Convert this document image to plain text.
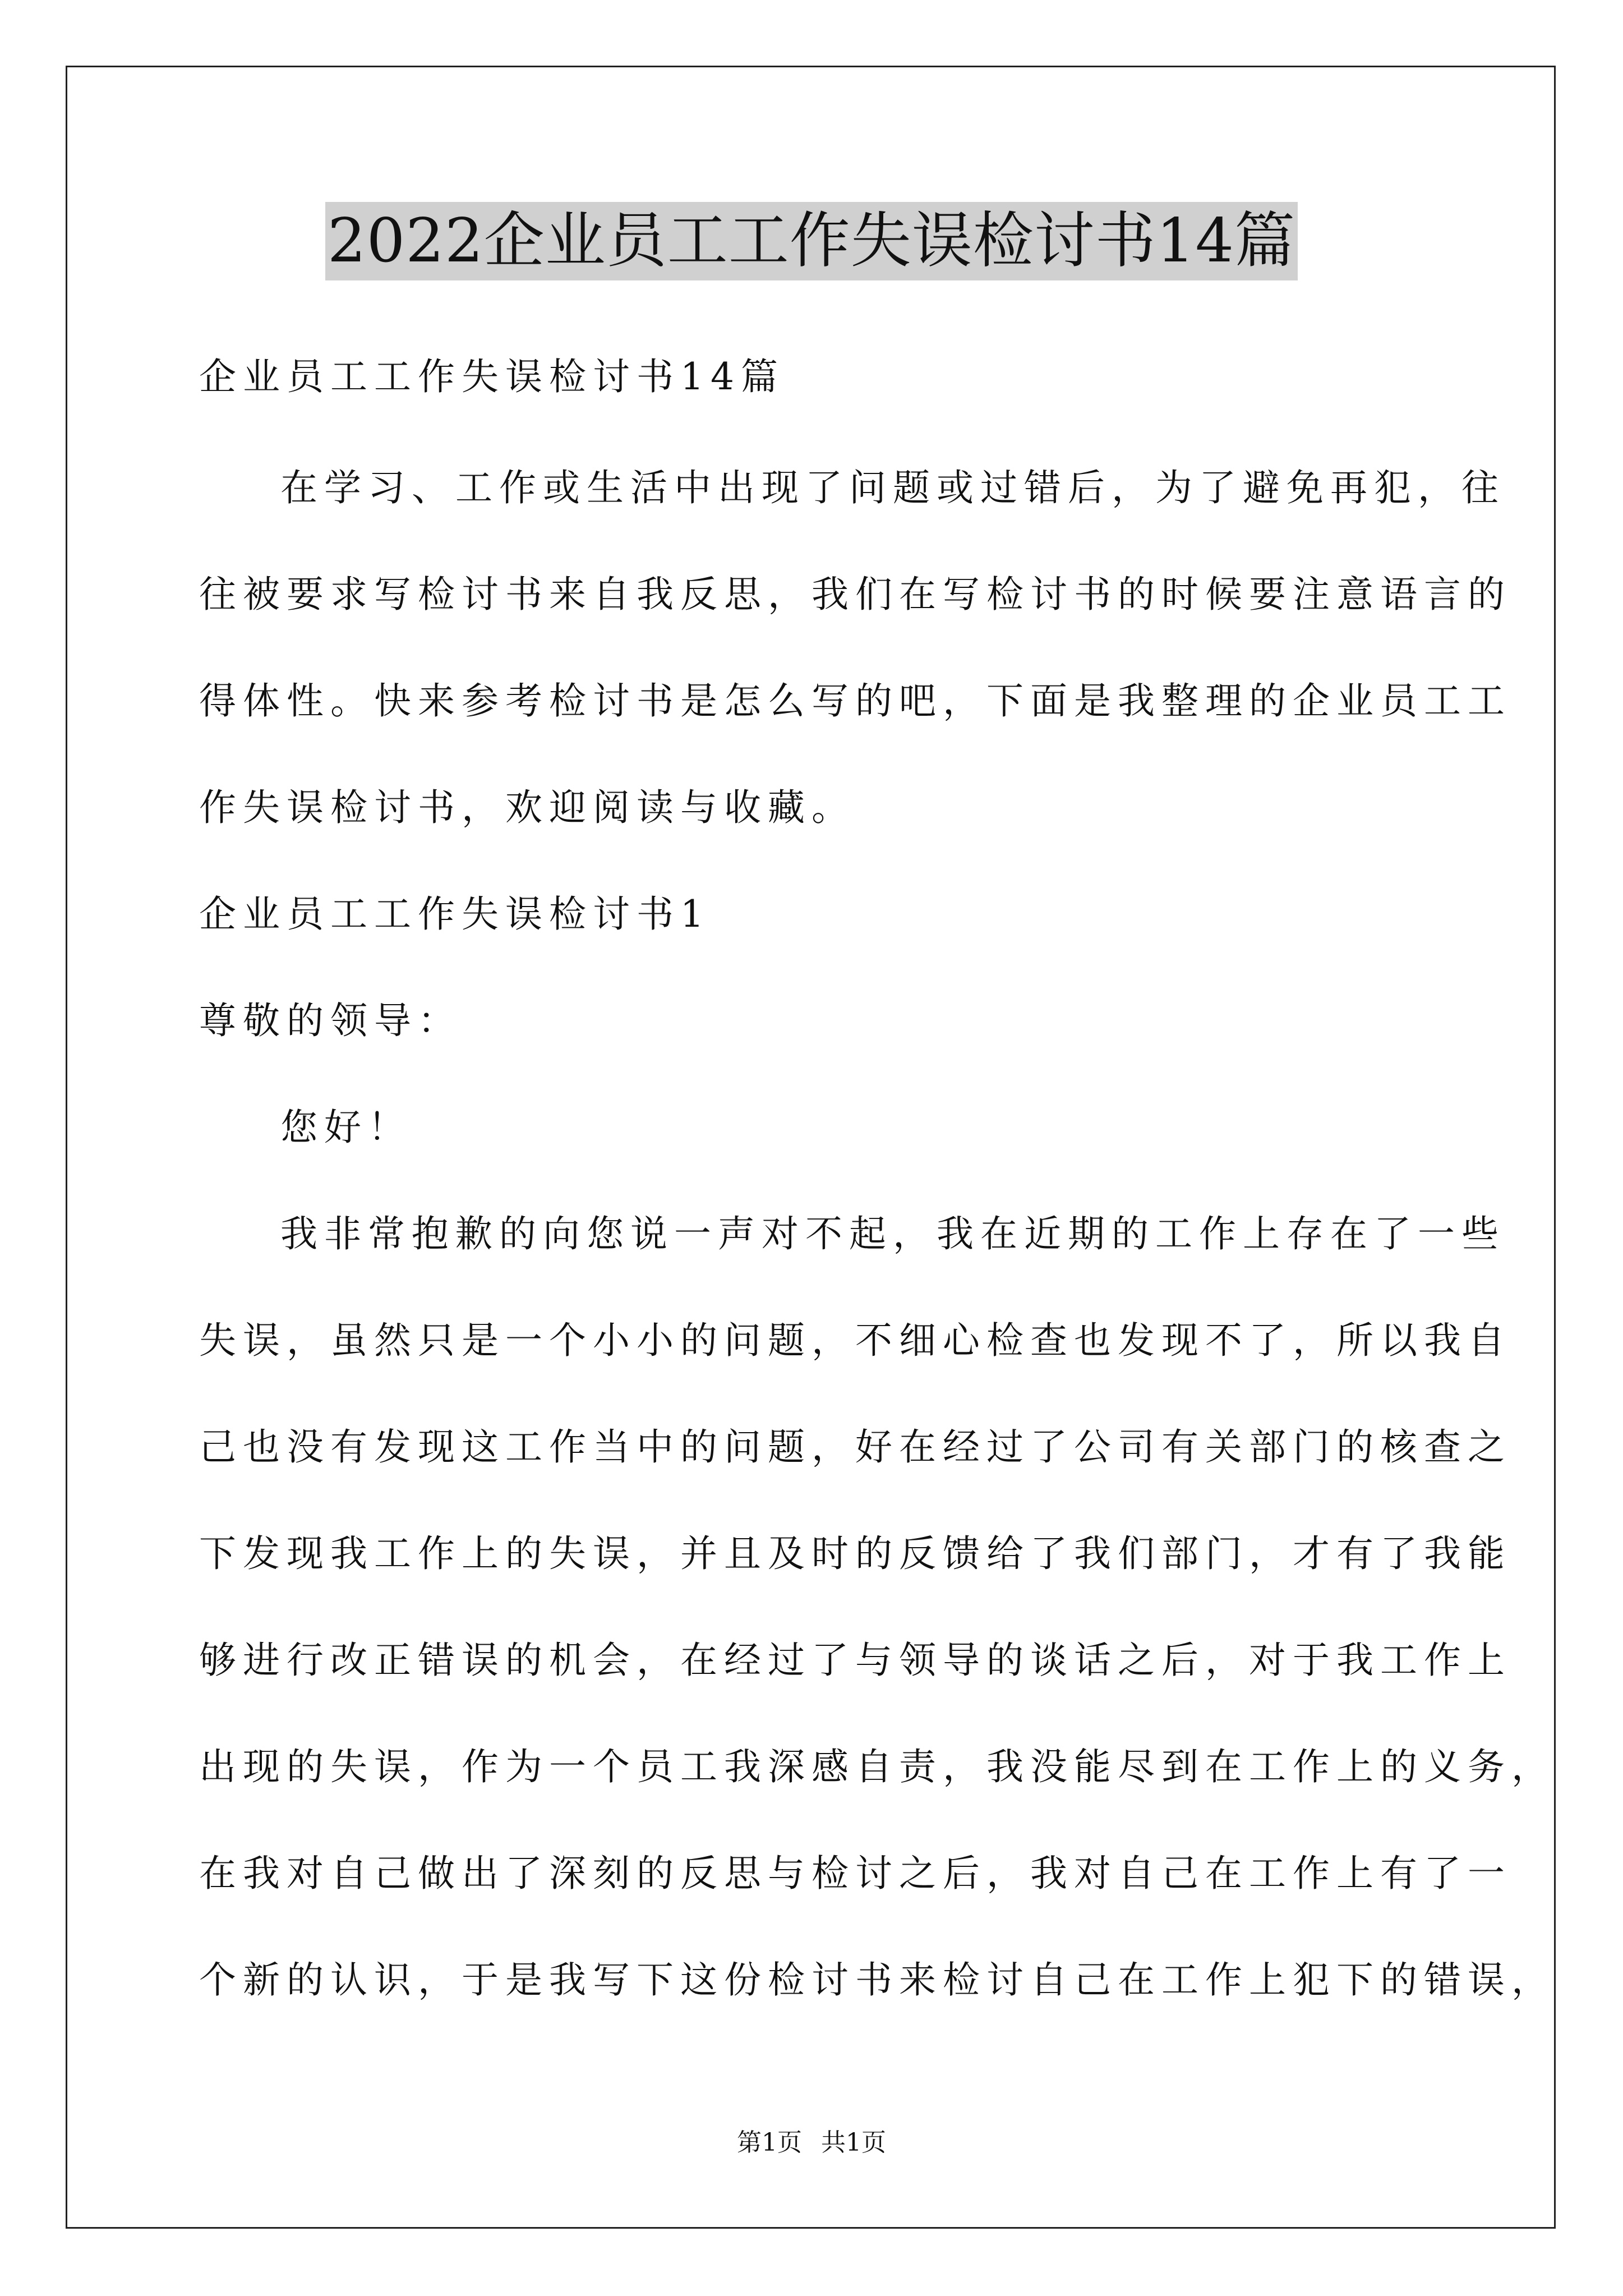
2022企业员工工作失误检讨书14篇
企业员工工作失误检讨书14篇
在学习、工作或生活中出现了问题或过错后，为了避免再犯，往
往被要求写检讨书来自我反思，我们在写检讨书的时候要注意语言的
得体性。快来参考检讨书是怎么写的吧，下面是我整理的企业员工工
作失误检讨书，欢迎阅读与收藏。
企业员工工作失误检讨书1
尊敬的领导：
您好！
我非常抱歉的向您说一声对不起，我在近期的工作上存在了一些
失误，虽然只是一个小小的问题，不细心检查也发现不了，所以我自
己也没有发现这工作当中的问题，好在经过了公司有关部门的核查之
下发现我工作上的失误，并且及时的反馈给了我们部门，才有了我能
够进行改正错误的机会，在经过了与领导的谈话之后，对于我工作上
出现的失误，作为一个员工我深感自责，我没能尽到在工作上的义务，
在我对自己做出了深刻的反思与检讨之后，我对自己在工作上有了一
个新的认识，于是我写下这份检讨书来检讨自己在工作上犯下的错误，
第1页 共1页
